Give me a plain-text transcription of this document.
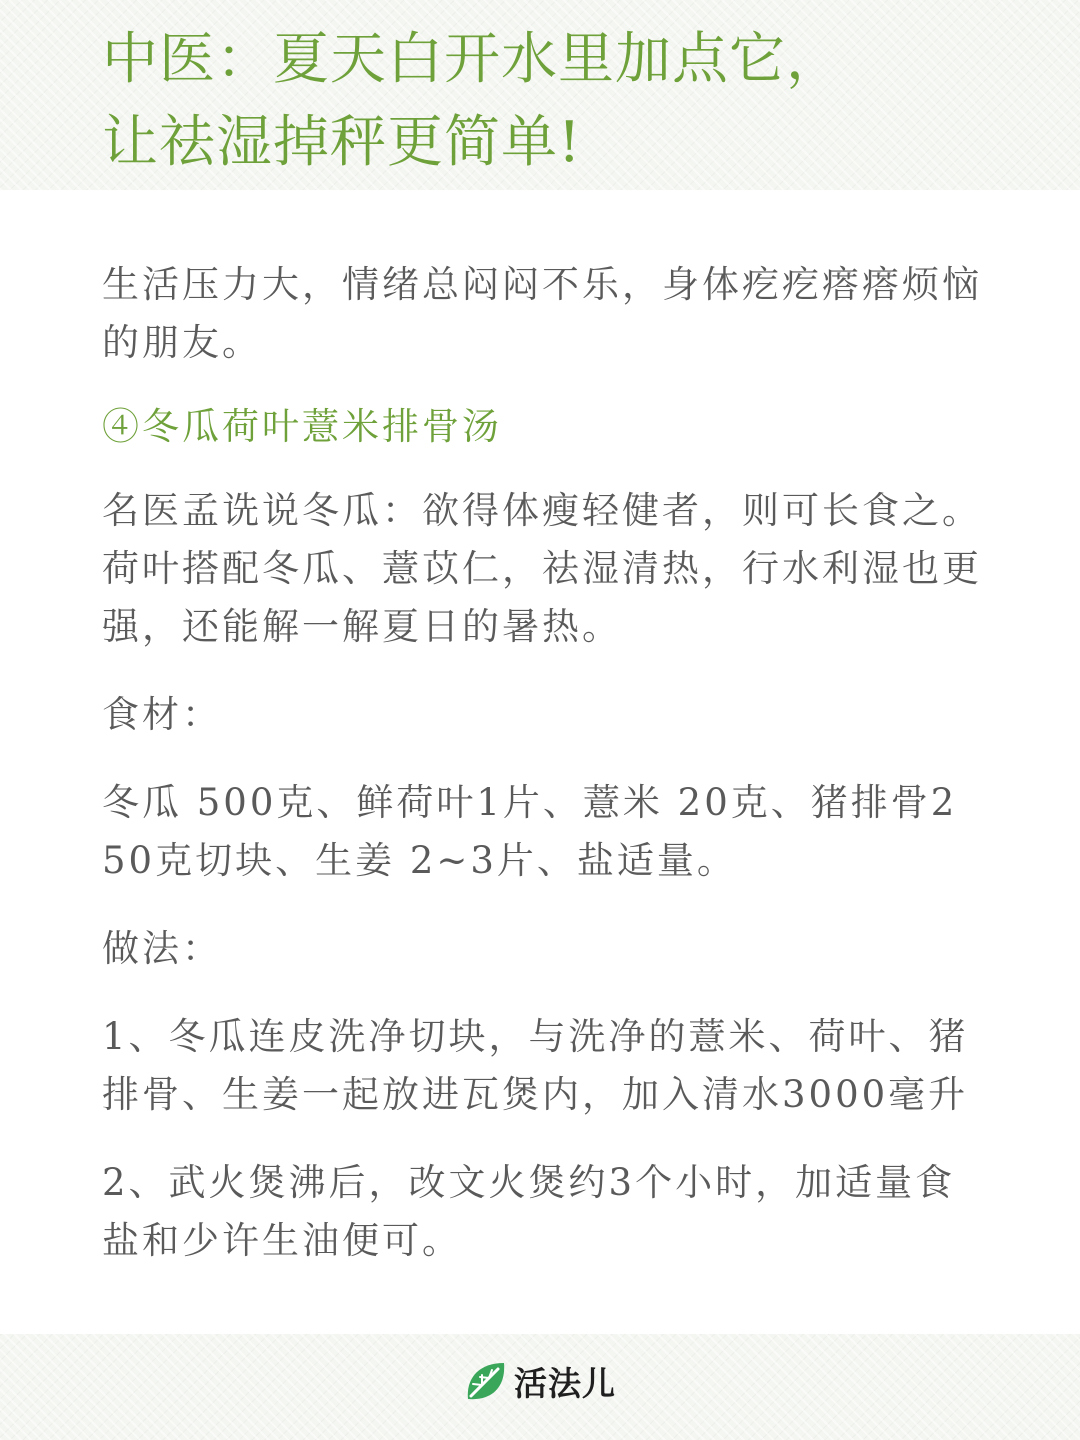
中医：夏天白开水里加点它，
让祛湿掉秤更简单!

生活压力大，情绪总闷闷不乐，身体疙疙瘩瘩烦恼的朋友。

④冬瓜荷叶薏米排骨汤

名医孟诜说冬瓜：欲得体瘦轻健者，则可长食之。荷叶搭配冬瓜、薏苡仁，祛湿清热，行水利湿也更强，还能解一解夏日的暑热。

食材：

冬瓜 500克、鲜荷叶1片、薏米 20克、猪排骨250克切块、生姜 2~3片、盐适量。

做法：

1、冬瓜连皮洗净切块，与洗净的薏米、荷叶、猪排骨、生姜一起放进瓦煲内，加入清水3000毫升

2、武火煲沸后，改文火煲约3个小时，加适量食盐和少许生油便可。

活法儿
